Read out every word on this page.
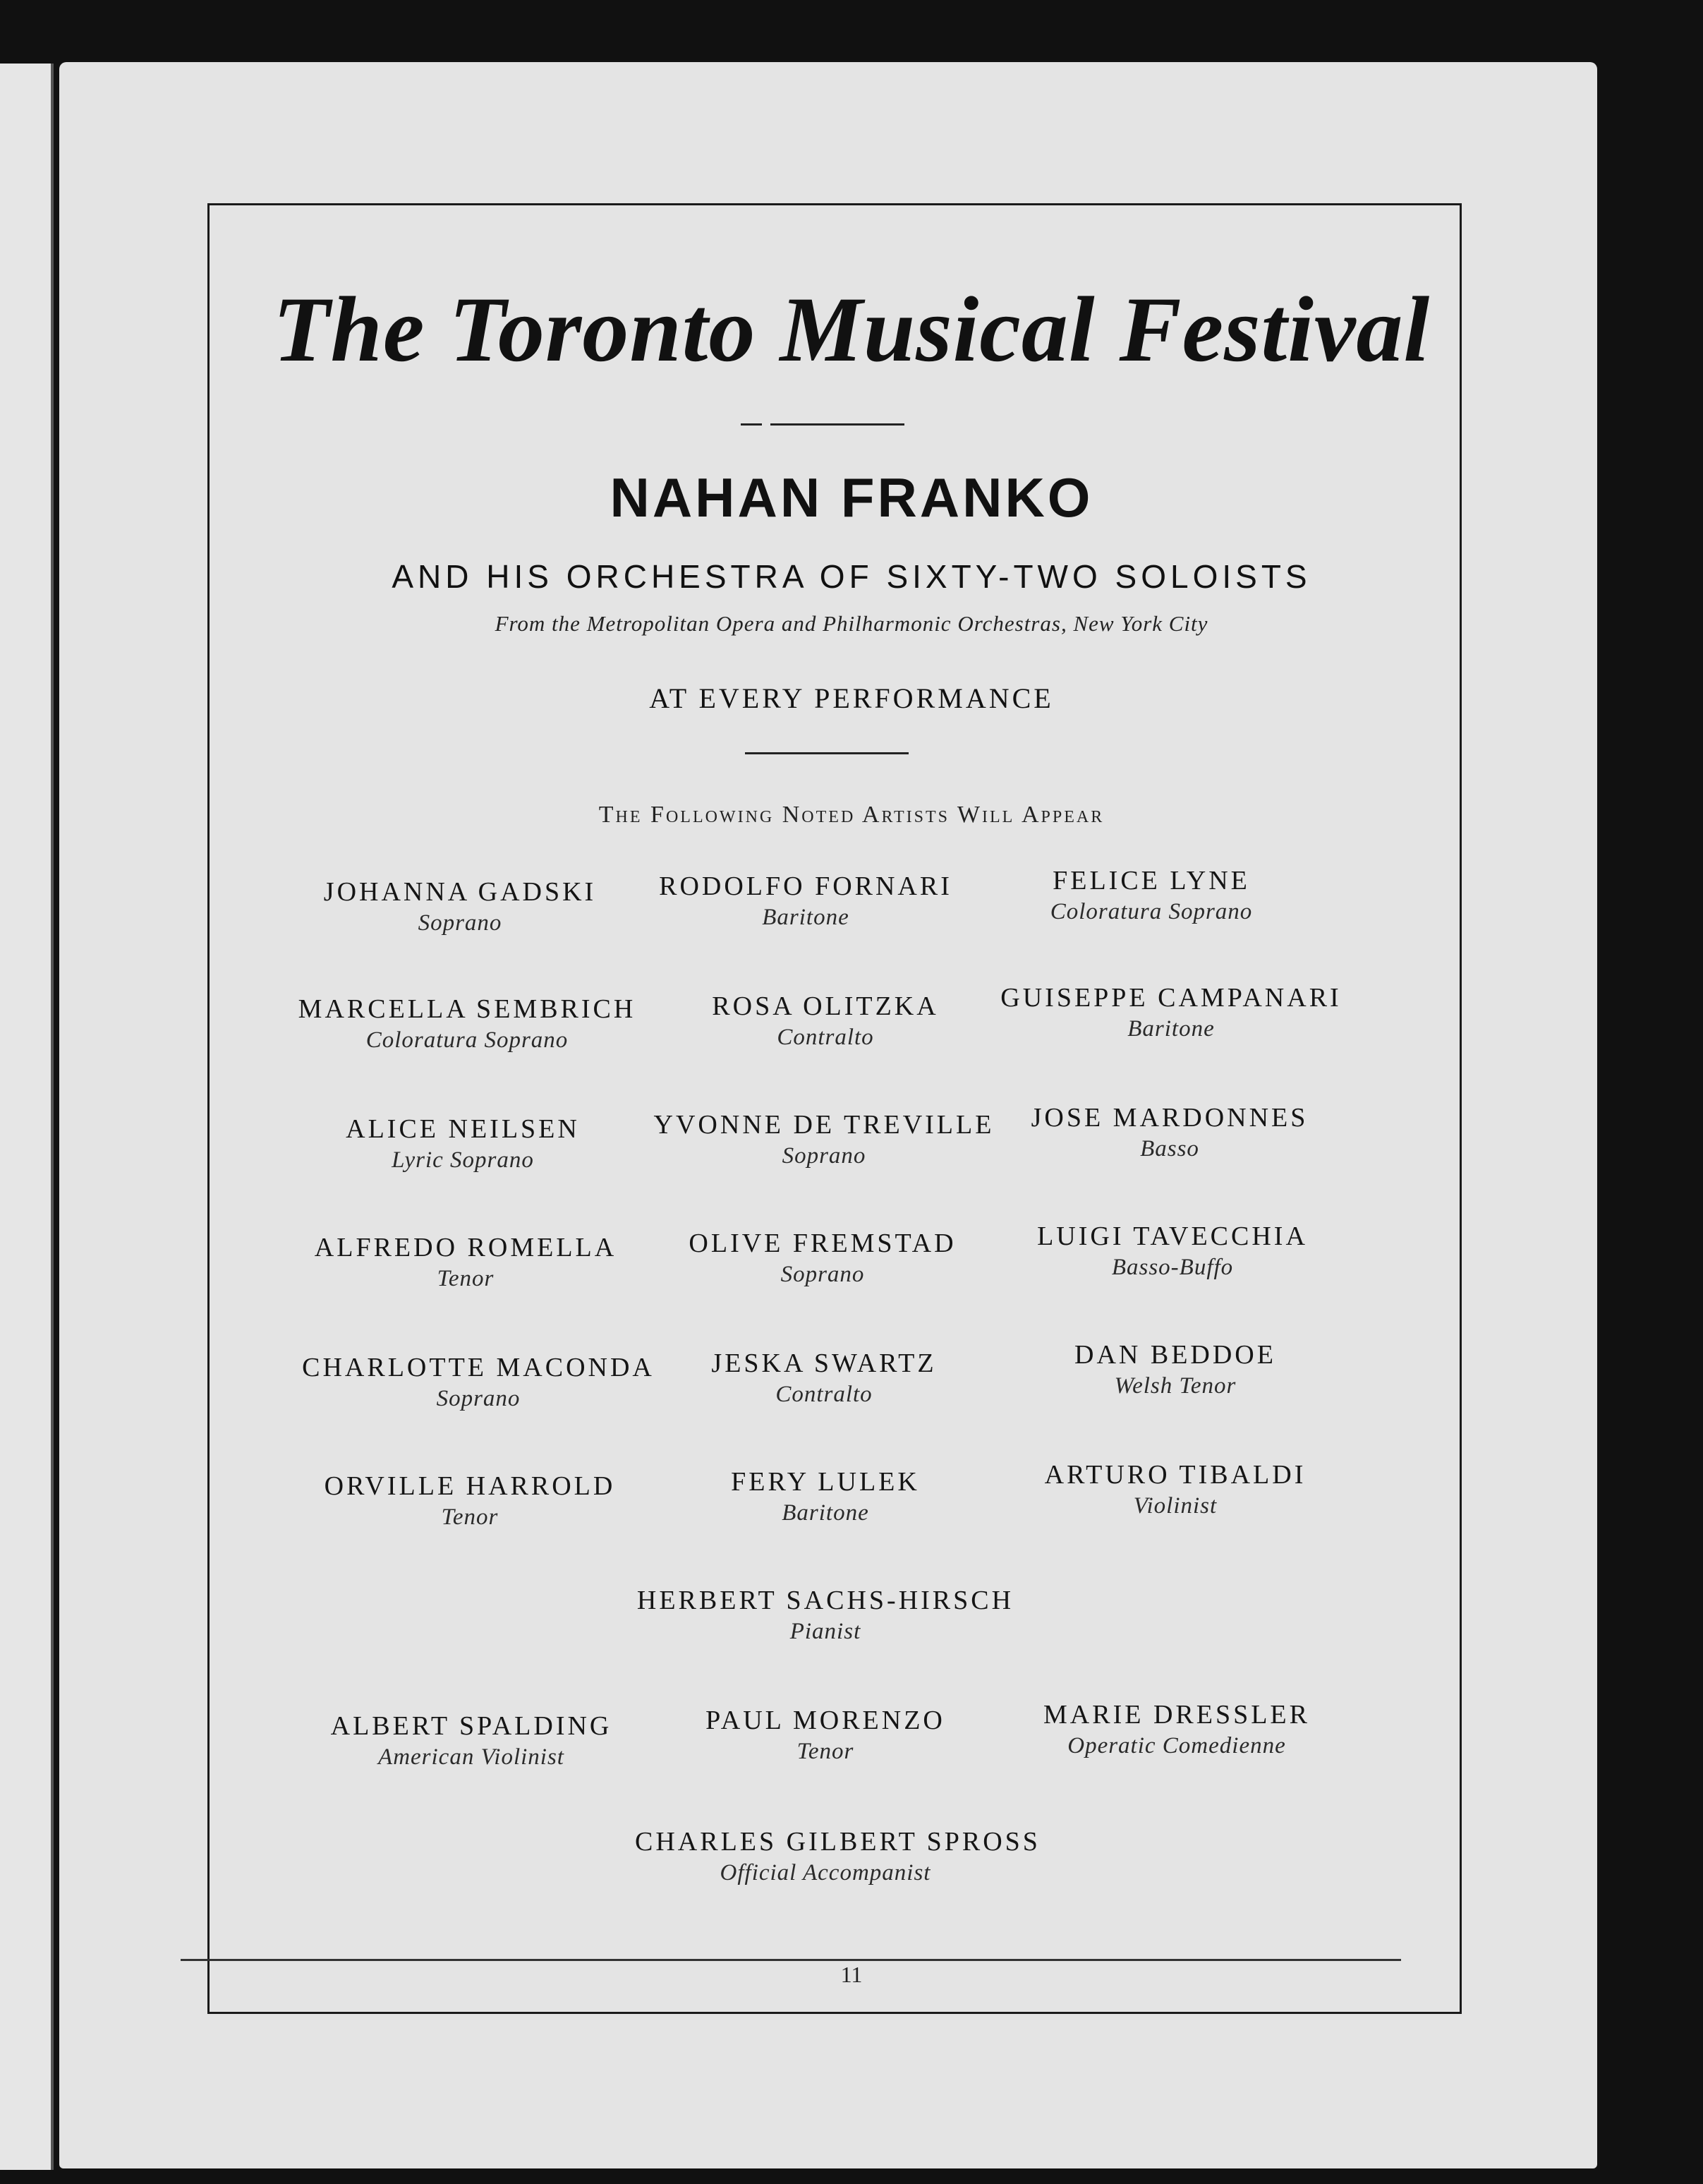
The Toronto Musical Festival
NAHAN FRANKO
AND HIS ORCHESTRA OF SIXTY-TWO SOLOISTS
From the Metropolitan Opera and Philharmonic Orchestras, New York City
AT EVERY PERFORMANCE
The Following Noted Artists Will Appear
JOHANNA GADSKI
Soprano
RODOLFO FORNARI
Baritone
FELICE LYNE
Coloratura Soprano
MARCELLA SEMBRICH
Coloratura Soprano
ROSA OLITZKA
Contralto
GUISEPPE CAMPANARI
Baritone
ALICE NEILSEN
Lyric Soprano
YVONNE DE TREVILLE
Soprano
JOSE MARDONNES
Basso
ALFREDO ROMELLA
Tenor
OLIVE FREMSTAD
Soprano
LUIGI TAVECCHIA
Basso-Buffo
CHARLOTTE MACONDA
Soprano
JESKA SWARTZ
Contralto
DAN BEDDOE
Welsh Tenor
ORVILLE HARROLD
Tenor
FERY LULEK
Baritone
ARTURO TIBALDI
Violinist
HERBERT SACHS-HIRSCH
Pianist
ALBERT SPALDING
American Violinist
PAUL MORENZO
Tenor
MARIE DRESSLER
Operatic Comedienne
CHARLES GILBERT SPROSS
Official Accompanist
11
